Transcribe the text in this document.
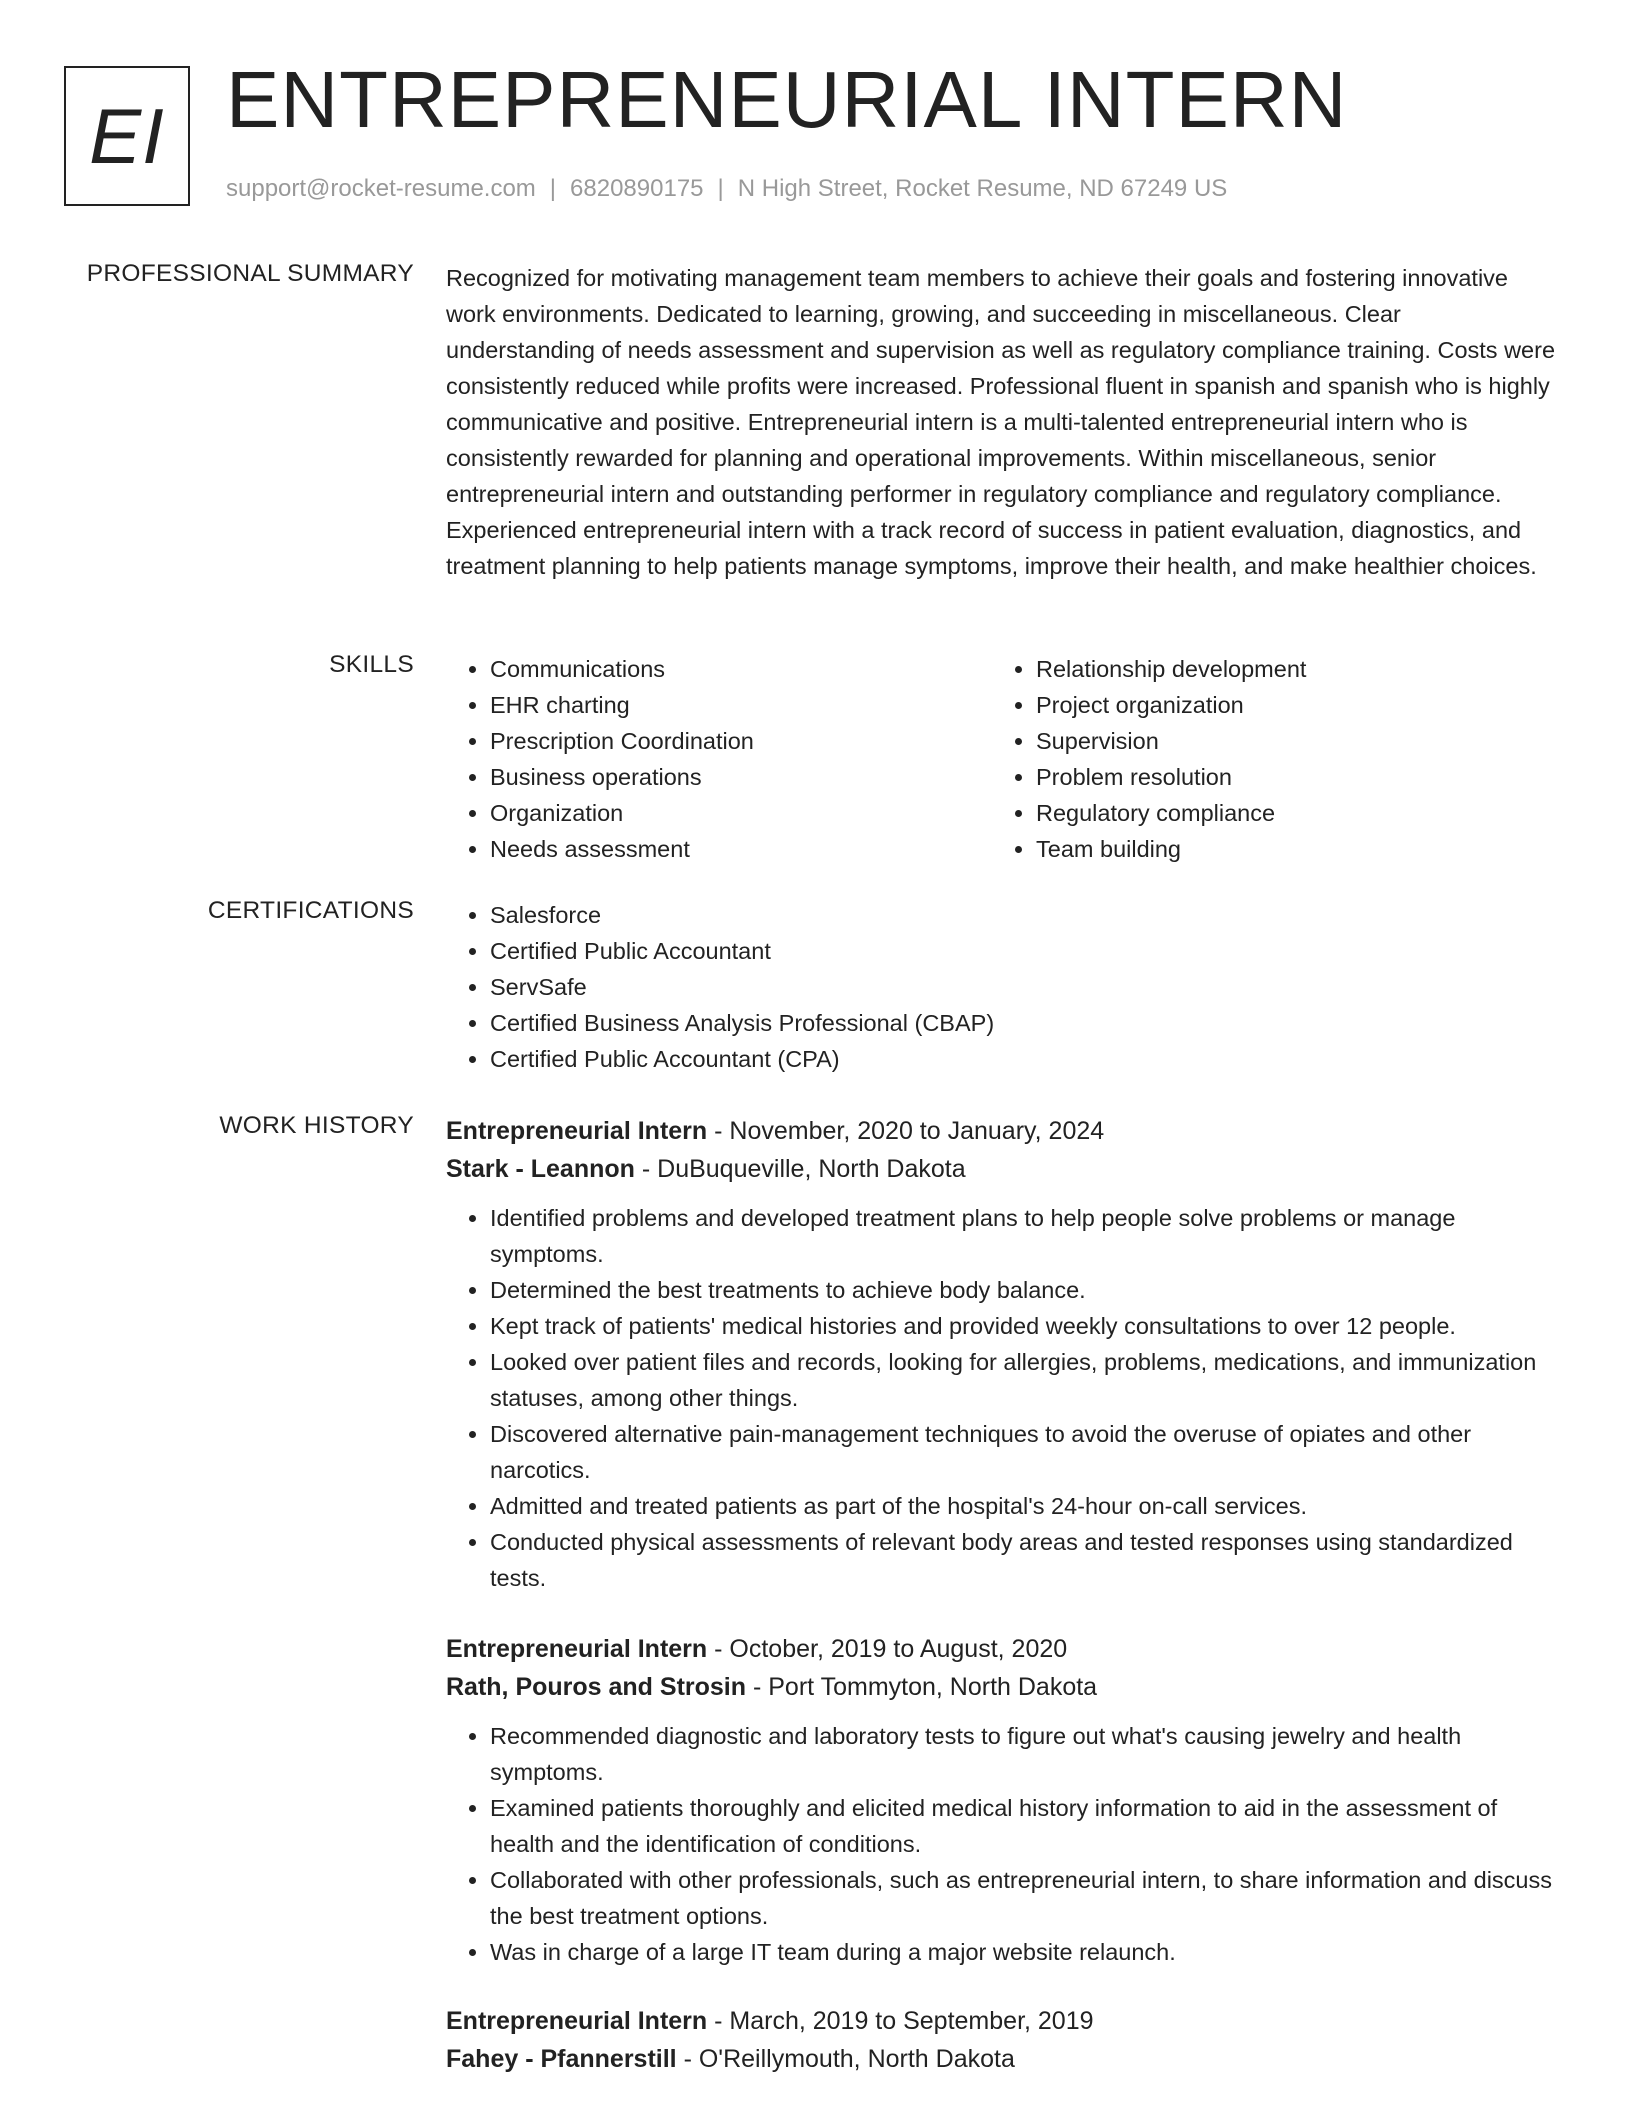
EI ENTREPRENEURIAL INTERN
support@rocket-resume.com | 6820890175 | N High Street, Rocket Resume, ND 67249 US
PROFESSIONAL SUMMARY Recognized for motivating management team members to achieve their goals and fostering innovative work environments. Dedicated to learning, growing, and succeeding in miscellaneous. Clear understanding of needs assessment and supervision as well as regulatory compliance training. Costs were consistently reduced while profits were increased. Professional fluent in spanish and spanish who is highly communicative and positive. Entrepreneurial intern is a multi-talented entrepreneurial intern who is consistently rewarded for planning and operational improvements. Within miscellaneous, senior entrepreneurial intern and outstanding performer in regulatory compliance and regulatory compliance. Experienced entrepreneurial intern with a track record of success in patient evaluation, diagnostics, and treatment planning to help patients manage symptoms, improve their health, and make healthier choices.
SKILLS	• Communications
• EHR charting
• Prescription Coordination
• Business operations
• Organization
• Needs assessment
• Relationship development
• Project organization
• Supervision
• Problem resolution
• Regulatory compliance
• Team building
CERTIFICATIONS	• Salesforce
• Certified Public Accountant
• ServSafe
• Certified Business Analysis Professional (CBAP)
• Certified Public Accountant (CPA)
WORK HISTORY Entrepreneurial Intern - November, 2020 to January, 2024
Stark - Leannon - DuBuqueville, North Dakota
• Identified problems and developed treatment plans to help people solve problems or manage symptoms.
• Determined the best treatments to achieve body balance.
• Kept track of patients' medical histories and provided weekly consultations to over 12 people.
• Looked over patient files and records, looking for allergies, problems, medications, and immunization statuses, among other things.
• Discovered alternative pain-management techniques to avoid the overuse of opiates and other narcotics.
• Admitted and treated patients as part of the hospital's 24-hour on-call services.
• Conducted physical assessments of relevant body areas and tested responses using standardized tests.
Entrepreneurial Intern - October, 2019 to August, 2020
Rath, Pouros and Strosin - Port Tommyton, North Dakota
• Recommended diagnostic and laboratory tests to figure out what's causing jewelry and health symptoms.
• Examined patients thoroughly and elicited medical history information to aid in the assessment of health and the identification of conditions.
• Collaborated with other professionals, such as entrepreneurial intern, to share information and discuss the best treatment options.
• Was in charge of a large IT team during a major website relaunch.
Entrepreneurial Intern - March, 2019 to September, 2019
Fahey - Pfannerstill - O'Reillymouth, North Dakota
